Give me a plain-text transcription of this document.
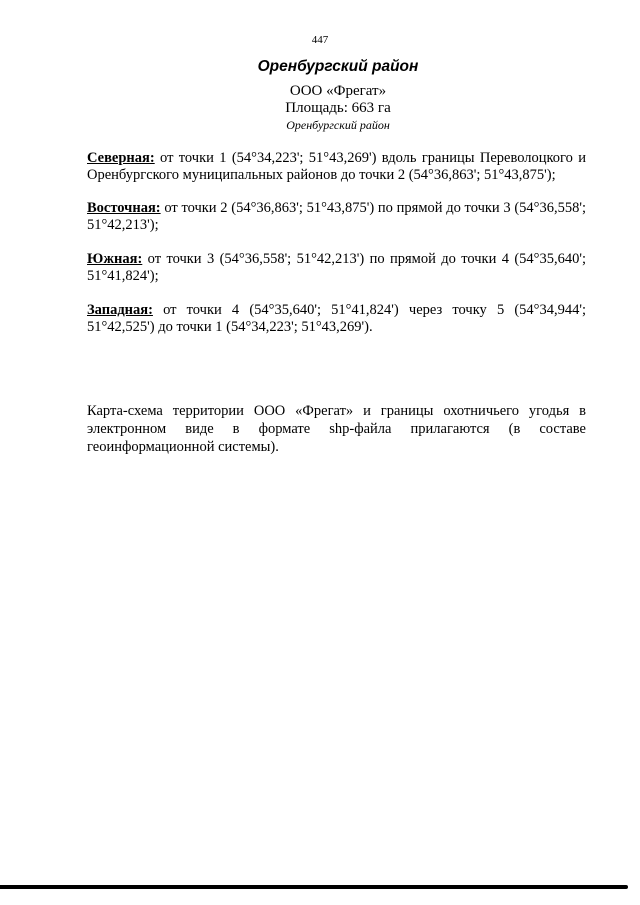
447
Оренбургский район
ООО «Фрегат»
Площадь: 663 га
Оренбургский район

Северная: от точки 1 (54°34,223'; 51°43,269') вдоль границы Переволоцкого и Оренбургского муниципальных районов до точки 2 (54°36,863'; 51°43,875');

Восточная: от точки 2 (54°36,863'; 51°43,875') по прямой до точки 3 (54°36,558'; 51°42,213');

Южная: от точки 3 (54°36,558'; 51°42,213') по прямой до точки 4 (54°35,640'; 51°41,824');

Западная: от точки 4 (54°35,640'; 51°41,824') через точку 5 (54°34,944'; 51°42,525') до точки 1 (54°34,223'; 51°43,269').

Карта-схема территории ООО «Фрегат» и границы охотничьего угодья в электронном виде в формате shp-файла прилагаются (в составе геоинформационной системы).
